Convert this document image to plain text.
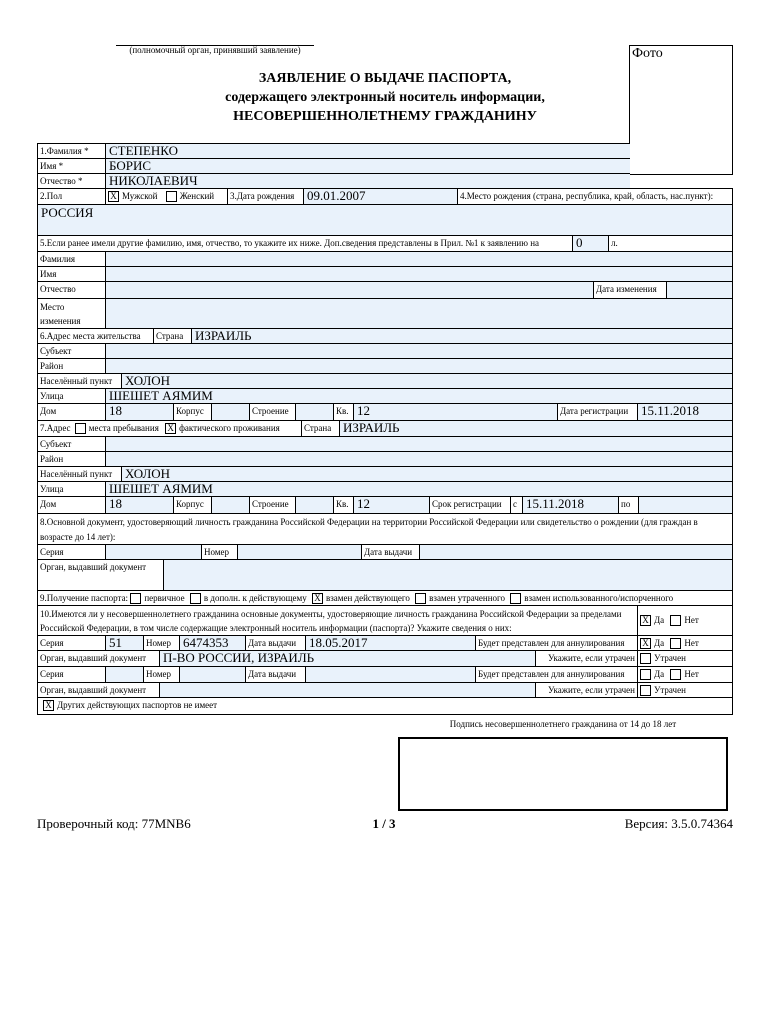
(полномочный орган, принявший заявление)
ЗАЯВЛЕНИЕ О ВЫДАЧЕ ПАСПОРТА,
содержащего электронный носитель информации,
НЕСОВЕРШЕННОЛЕТНЕМУ ГРАЖДАНИНУ
Фото
1.Фамилия *	СТЕПЕНКО
Имя *	БОРИС
Отчество *	НИКОЛАЕВИЧ
2.Пол	X Мужской Женский	3.Дата рождения 09.01.2007	4.Место рождения (страна, республика, край, область, нас.пункт):
РОССИЯ
5.Если ранее имели другие фамилию, имя, отчество, то укажите их ниже. Доп.сведения представлены в Прил. №1 к заявлению на	0	л.
Фамилия
Имя
Отчество	Дата изменения
Место
изменения
6.Адрес места жительства	Страна ИЗРАИЛЬ
Субъект
Район
Населённый пункт ХОЛОН
Улица	ШЕШЕТ АЯМИМ
Дом	18	Корпус	Строение	Кв. 12	Дата регистрации 15.11.2018
7.Адрес места пребывания X фактического проживания	Страна ИЗРАИЛЬ
Субъект
Район
Населённый пункт ХОЛОН
Улица	ШЕШЕТ АЯМИМ
Дом	18	Корпус	Строение	Кв. 12	Срок регистрации	с 15.11.2018	по
8.Основной документ, удостоверяющий личность гражданина Российской Федерации на территории Российской Федерации или свидетельство о рождении (для граждан в возрасте до 14 лет):
Серия	Номер	Дата выдачи
Орган, выдавший документ
9.Получение паспорта: первичное в дополн. к действующему X взамен действующего взамен утраченного взамен использованного/испорченного
10.Имеются ли у несовершеннолетнего гражданина основные документы, удостоверяющие личность гражданина Российской Федерации за пределами Российской Федерации, в том числе содержащие электронный носитель информации (паспорта)? Укажите сведения о них:
X Да Нет
Серия	51	Номер 6474353	Дата выдачи 18.05.2017	Будет представлен для аннулирования	X Да Нет
Орган, выдавший документ	П-ВО РОССИИ, ИЗРАИЛЬ	Укажите, если утрачен	Утрачен
Серия	Номер	Дата выдачи	Будет представлен для аннулирования	Да Нет
Орган, выдавший документ	Укажите, если утрачен	Утрачен
X Других действующих паспортов не имеет
Подпись несовершеннолетнего гражданина от 14 до 18 лет
Проверочный код: 77MNB6	1 / 3	Версия: 3.5.0.74364
